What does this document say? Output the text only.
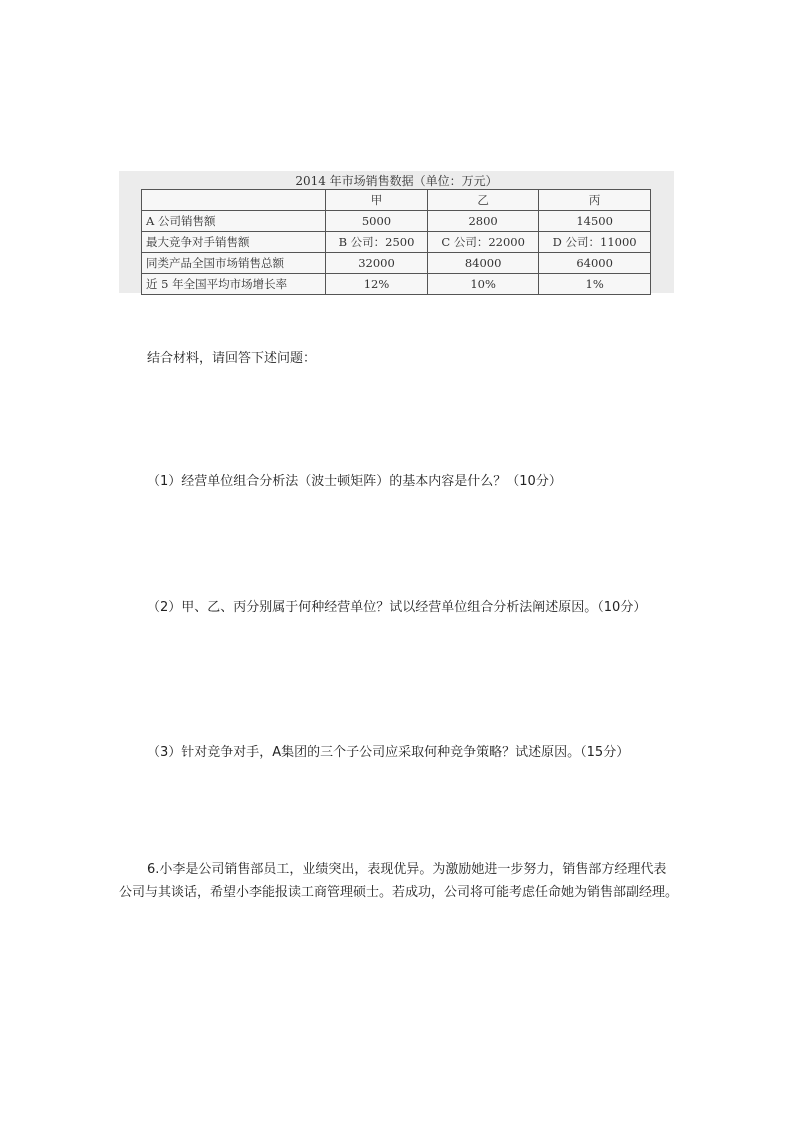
2014 年市场销售数据（单位：万元）
	甲	乙	丙
A 公司销售额	5000	2800	14500
最大竞争对手销售额	B 公司：2500	C 公司：22000	D 公司：11000
同类产品全国市场销售总额	32000	84000	64000
近 5 年全国平均市场增长率	12%	10%	1%

结合材料，请回答下述问题：

（1）经营单位组合分析法（波士顿矩阵）的基本内容是什么？（10分）

（2）甲、乙、丙分别属于何种经营单位？试以经营单位组合分析法阐述原因。（10分）

（3）针对竞争对手，A集团的三个子公司应采取何种竞争策略？试述原因。（15分）

6.小李是公司销售部员工，业绩突出，表现优异。为激励她进一步努力，销售部方经理代表公司与其谈话，希望小李能报读工商管理硕士。若成功，公司将可能考虑任命她为销售部副经理。
